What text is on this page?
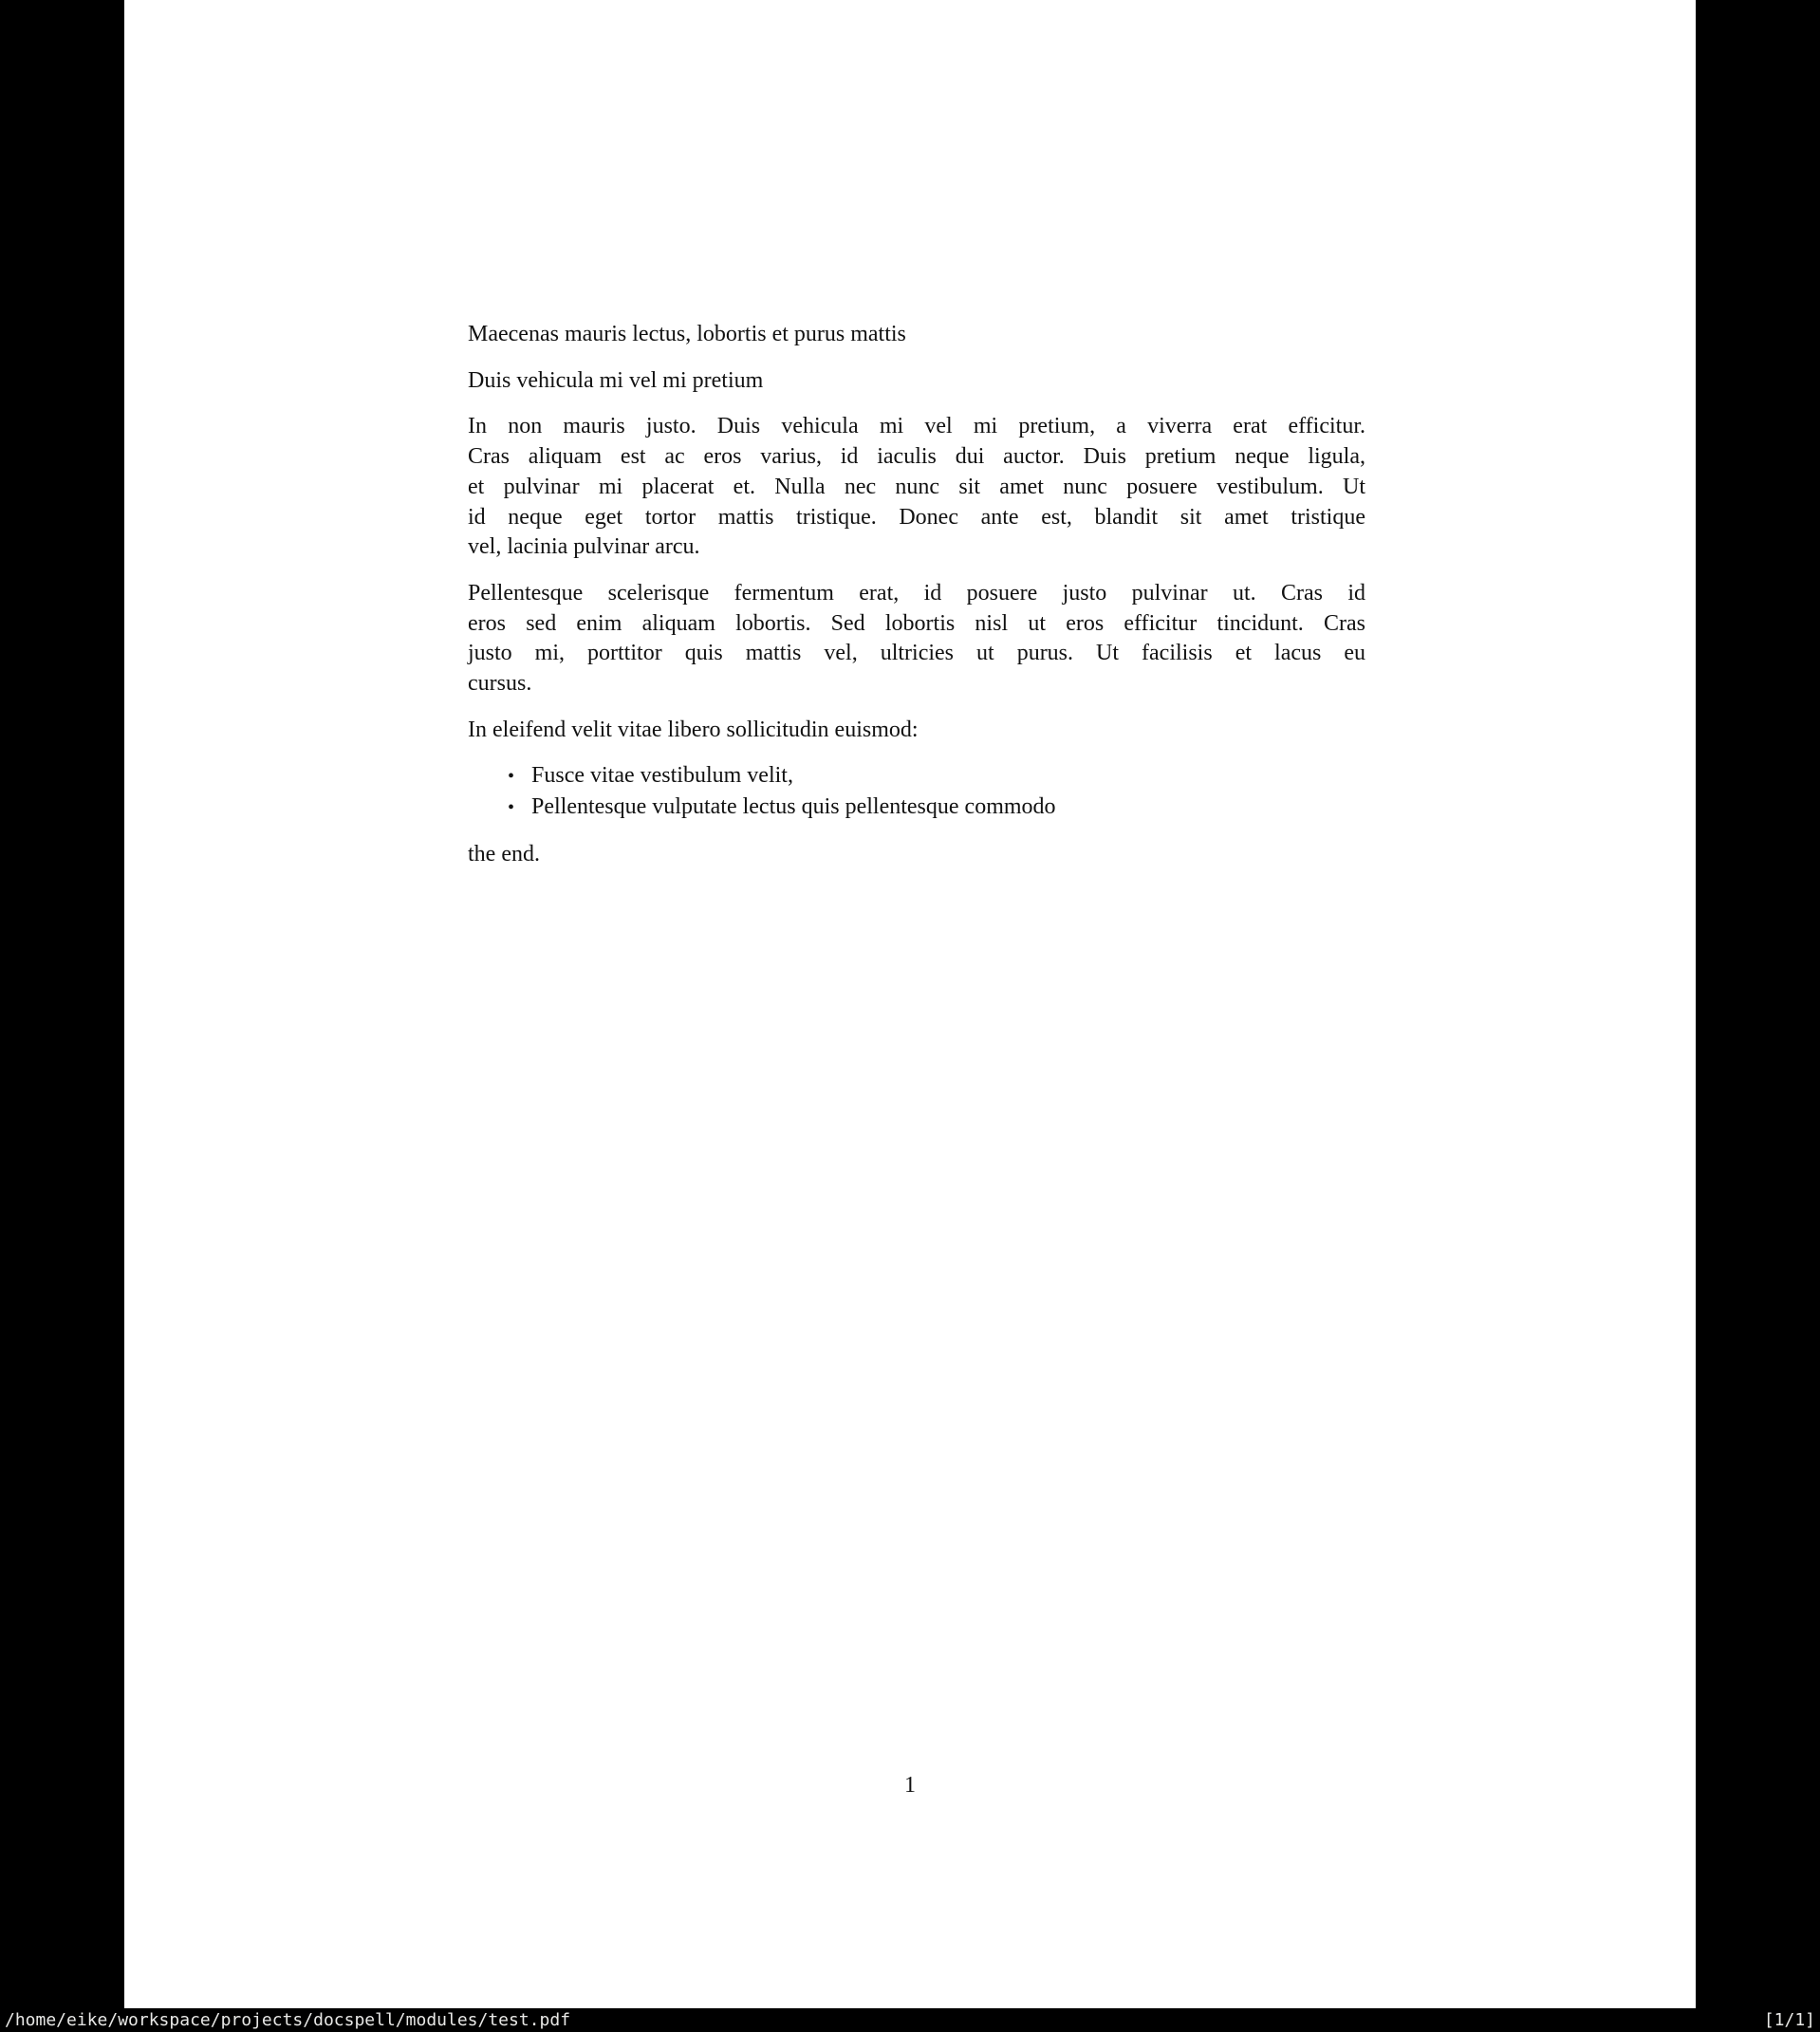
Maecenas mauris lectus, lobortis et purus mattis
Duis vehicula mi vel mi pretium
In non mauris justo. Duis vehicula mi vel mi pretium, a viverra erat efficitur.
Cras aliquam est ac eros varius, id iaculis dui auctor. Duis pretium neque ligula,
et pulvinar mi placerat et. Nulla nec nunc sit amet nunc posuere vestibulum. Ut
id neque eget tortor mattis tristique. Donec ante est, blandit sit amet tristique
vel, lacinia pulvinar arcu.
Pellentesque scelerisque fermentum erat, id posuere justo pulvinar ut. Cras id
eros sed enim aliquam lobortis. Sed lobortis nisl ut eros efficitur tincidunt. Cras
justo mi, porttitor quis mattis vel, ultricies ut purus. Ut facilisis et lacus eu
cursus.
In eleifend velit vitae libero sollicitudin euismod:
• Fusce vitae vestibulum velit,
• Pellentesque vulputate lectus quis pellentesque commodo
the end.
1
/home/eike/workspace/projects/docspell/modules/test.pdf	[1/1]
